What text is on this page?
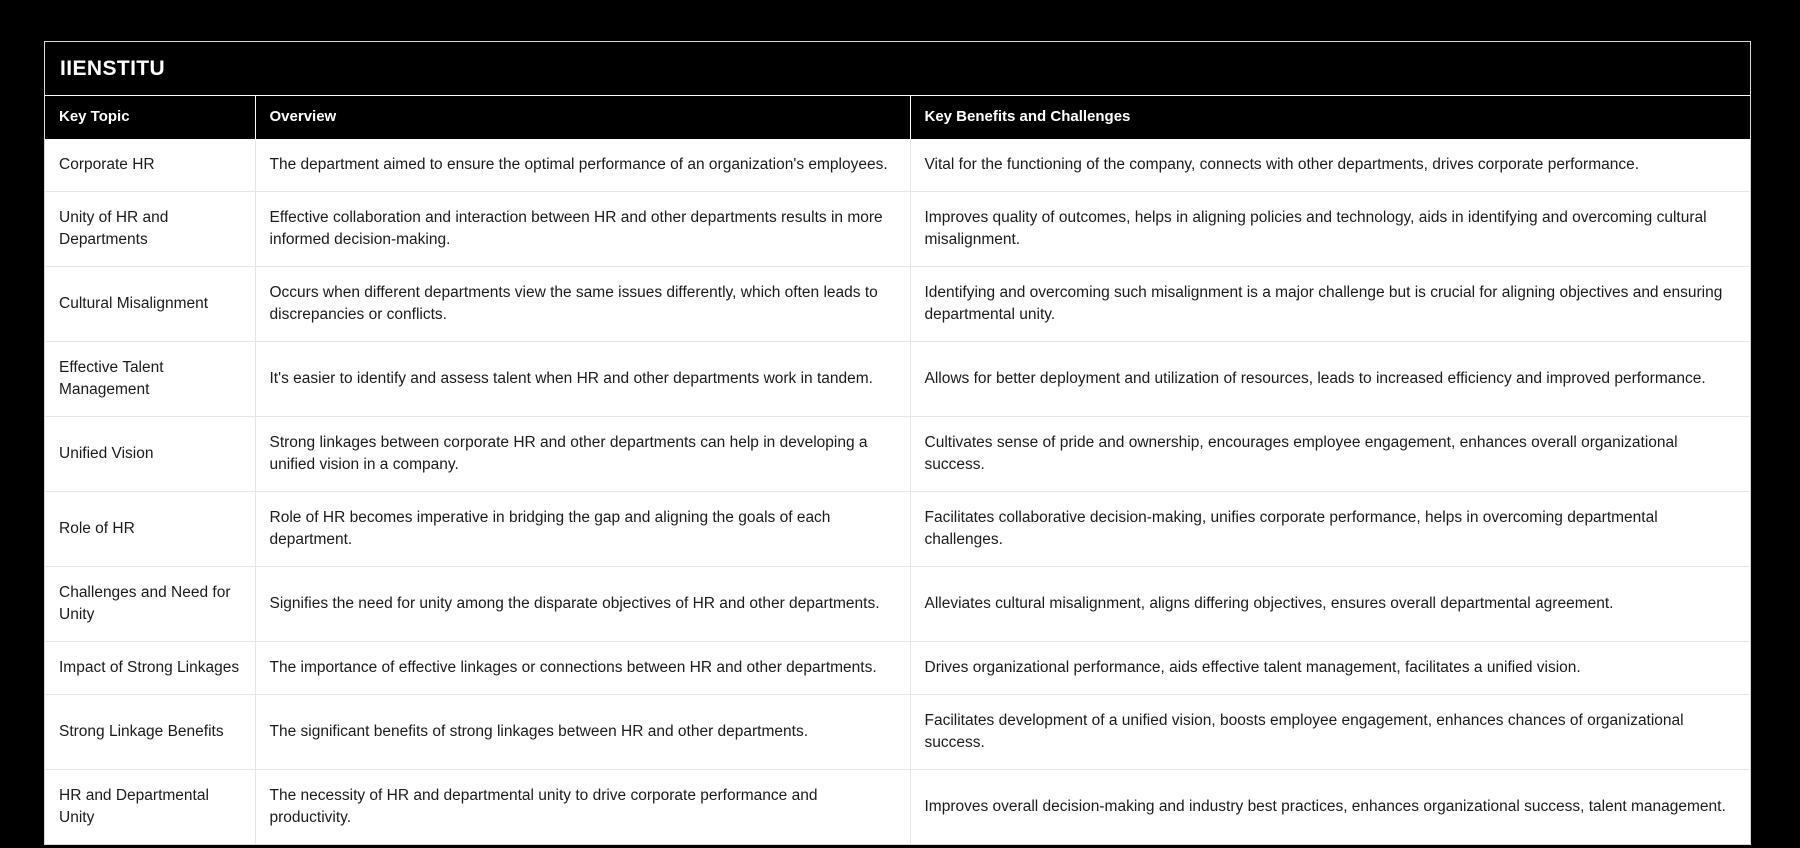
IIENSTITU
Key Topic	Overview	Key Benefits and Challenges
Corporate HR	The department aimed to ensure the optimal performance of an organization's employees.	Vital for the functioning of the company, connects with other departments, drives corporate performance.
Unity of HR and Departments	Effective collaboration and interaction between HR and other departments results in more informed decision-making.	Improves quality of outcomes, helps in aligning policies and technology, aids in identifying and overcoming cultural misalignment.
Cultural Misalignment	Occurs when different departments view the same issues differently, which often leads to discrepancies or conflicts.	Identifying and overcoming such misalignment is a major challenge but is crucial for aligning objectives and ensuring departmental unity.
Effective Talent Management	It's easier to identify and assess talent when HR and other departments work in tandem.	Allows for better deployment and utilization of resources, leads to increased efficiency and improved performance.
Unified Vision	Strong linkages between corporate HR and other departments can help in developing a unified vision in a company.	Cultivates sense of pride and ownership, encourages employee engagement, enhances overall organizational success.
Role of HR	Role of HR becomes imperative in bridging the gap and aligning the goals of each department.	Facilitates collaborative decision-making, unifies corporate performance, helps in overcoming departmental challenges.
Challenges and Need for Unity	Signifies the need for unity among the disparate objectives of HR and other departments.	Alleviates cultural misalignment, aligns differing objectives, ensures overall departmental agreement.
Impact of Strong Linkages	The importance of effective linkages or connections between HR and other departments.	Drives organizational performance, aids effective talent management, facilitates a unified vision.
Strong Linkage Benefits	The significant benefits of strong linkages between HR and other departments.	Facilitates development of a unified vision, boosts employee engagement, enhances chances of organizational success.
HR and Departmental Unity	The necessity of HR and departmental unity to drive corporate performance and productivity.	Improves overall decision-making and industry best practices, enhances organizational success, talent management.
